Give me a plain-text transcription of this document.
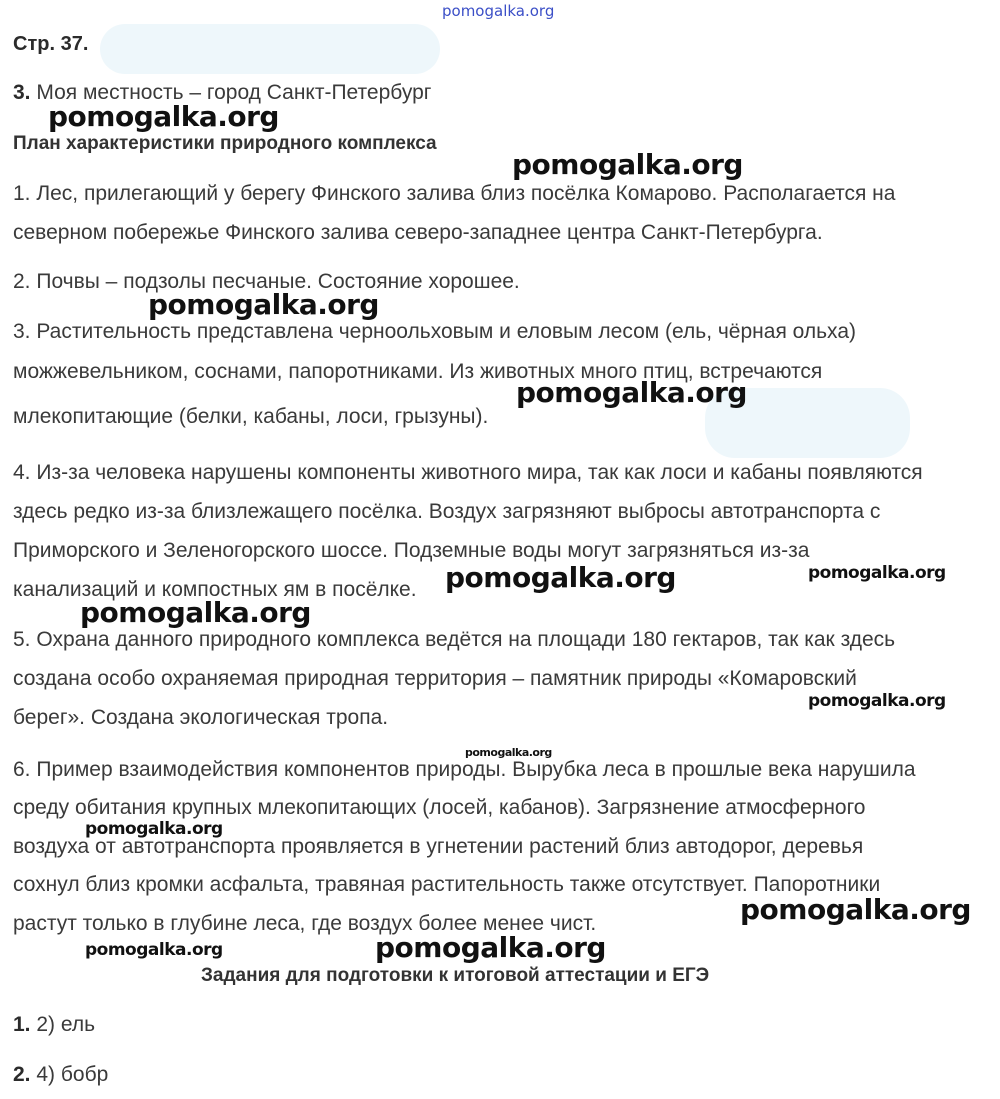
pomogalka.org
Стр. 37.
3. Моя местность – город Санкт-Петербург
План характеристики природного комплекса
1. Лес, прилегающий у берегу Финского залива близ посёлка Комарово. Располагается на
северном побережье Финского залива северо-западнее центра Санкт-Петербурга.
2. Почвы – подзолы песчаные. Состояние хорошее.
3. Растительность представлена черноольховым и еловым лесом (ель, чёрная ольха)
можжевельником, соснами, папоротниками. Из животных много птиц, встречаются
млекопитающие (белки, кабаны, лоси, грызуны).
4. Из-за человека нарушены компоненты животного мира, так как лоси и кабаны появляются
здесь редко из-за близлежащего посёлка. Воздух загрязняют выбросы автотранспорта с
Приморского и Зеленогорского шоссе. Подземные воды могут загрязняться из-за
канализаций и компостных ям в посёлке.
5. Охрана данного природного комплекса ведётся на площади 180 гектаров, так как здесь
создана особо охраняемая природная территория – памятник природы «Комаровский
берег». Создана экологическая тропа.
6. Пример взаимодействия компонентов природы. Вырубка леса в прошлые века нарушила
среду обитания крупных млекопитающих (лосей, кабанов). Загрязнение атмосферного
воздуха от автотранспорта проявляется в угнетении растений близ автодорог, деревья
сохнул близ кромки асфальта, травяная растительность также отсутствует. Папоротники
растут только в глубине леса, где воздух более менее чист.
Задания для подготовки к итоговой аттестации и ЕГЭ
1. 2) ель
2. 4) бобр
pomogalka.org
pomogalka.org
pomogalka.org
pomogalka.org
pomogalka.org	pomogalka.org
pomogalka.org
pomogalka.org
pomogalka.org
pomogalka.org
pomogalka.org
pomogalka.org	pomogalka.org
